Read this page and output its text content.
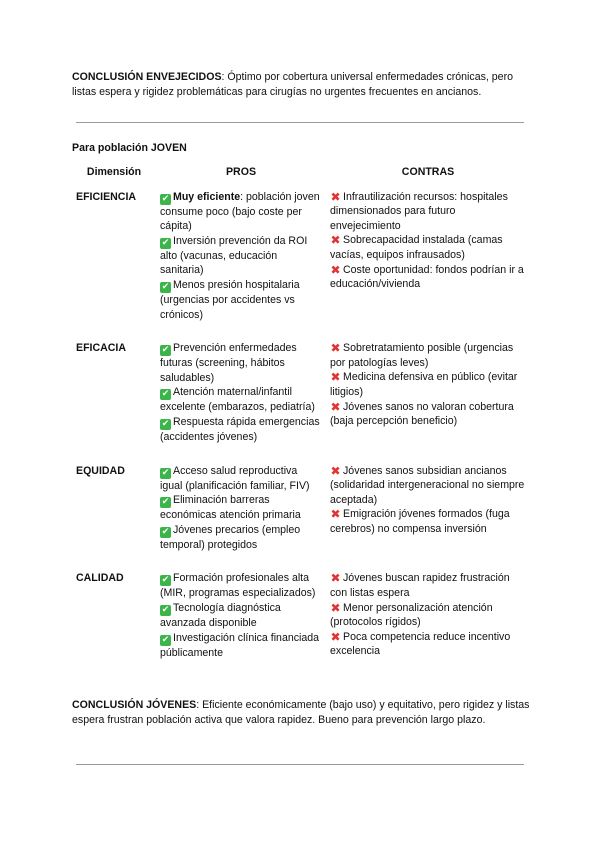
CONCLUSIÓN ENVEJECIDOS: Óptimo por cobertura universal enfermedades crónicas, pero listas espera y rigidez problemáticas para cirugías no urgentes frecuentes en ancianos.
Para población JOVEN
Dimensión	PROS	CONTRAS
EFICIENCIA	✔ Muy eficiente: población joven consume poco (bajo coste per cápita)
✔ Inversión prevención da ROI alto (vacunas, educación sanitaria)
✔ Menos presión hospitalaria (urgencias por accidentes vs crónicos)	✖ Infrautilización recursos: hospitales dimensionados para futuro envejecimiento
✖ Sobrecapacidad instalada (camas vacías, equipos infrausados)
✖ Coste oportunidad: fondos podrían ir a educación/vivienda

EFICACIA	✔ Prevención enfermedades futuras (screening, hábitos saludables)
✔ Atención maternal/infantil excelente (embarazos, pediatría)
✔ Respuesta rápida emergencias (accidentes jóvenes)	✖ Sobretratamiento posible (urgencias por patologías leves)
✖ Medicina defensiva en público (evitar litigios)
✖ Jóvenes sanos no valoran cobertura (baja percepción beneficio)

EQUIDAD	✔ Acceso salud reproductiva igual (planificación familiar, FIV)
✔ Eliminación barreras económicas atención primaria
✔ Jóvenes precarios (empleo temporal) protegidos	✖ Jóvenes sanos subsidian ancianos (solidaridad intergeneracional no siempre aceptada)
✖ Emigración jóvenes formados (fuga cerebros) no compensa inversión

CALIDAD	✔ Formación profesionales alta (MIR, programas especializados)
✔ Tecnología diagnóstica avanzada disponible
✔ Investigación clínica financiada públicamente	✖ Jóvenes buscan rapidez frustración con listas espera
✖ Menor personalización atención (protocolos rígidos)
✖ Poca competencia reduce incentivo excelencia
CONCLUSIÓN JÓVENES: Eficiente económicamente (bajo uso) y equitativo, pero rigidez y listas espera frustran población activa que valora rapidez. Bueno para prevención largo plazo.
